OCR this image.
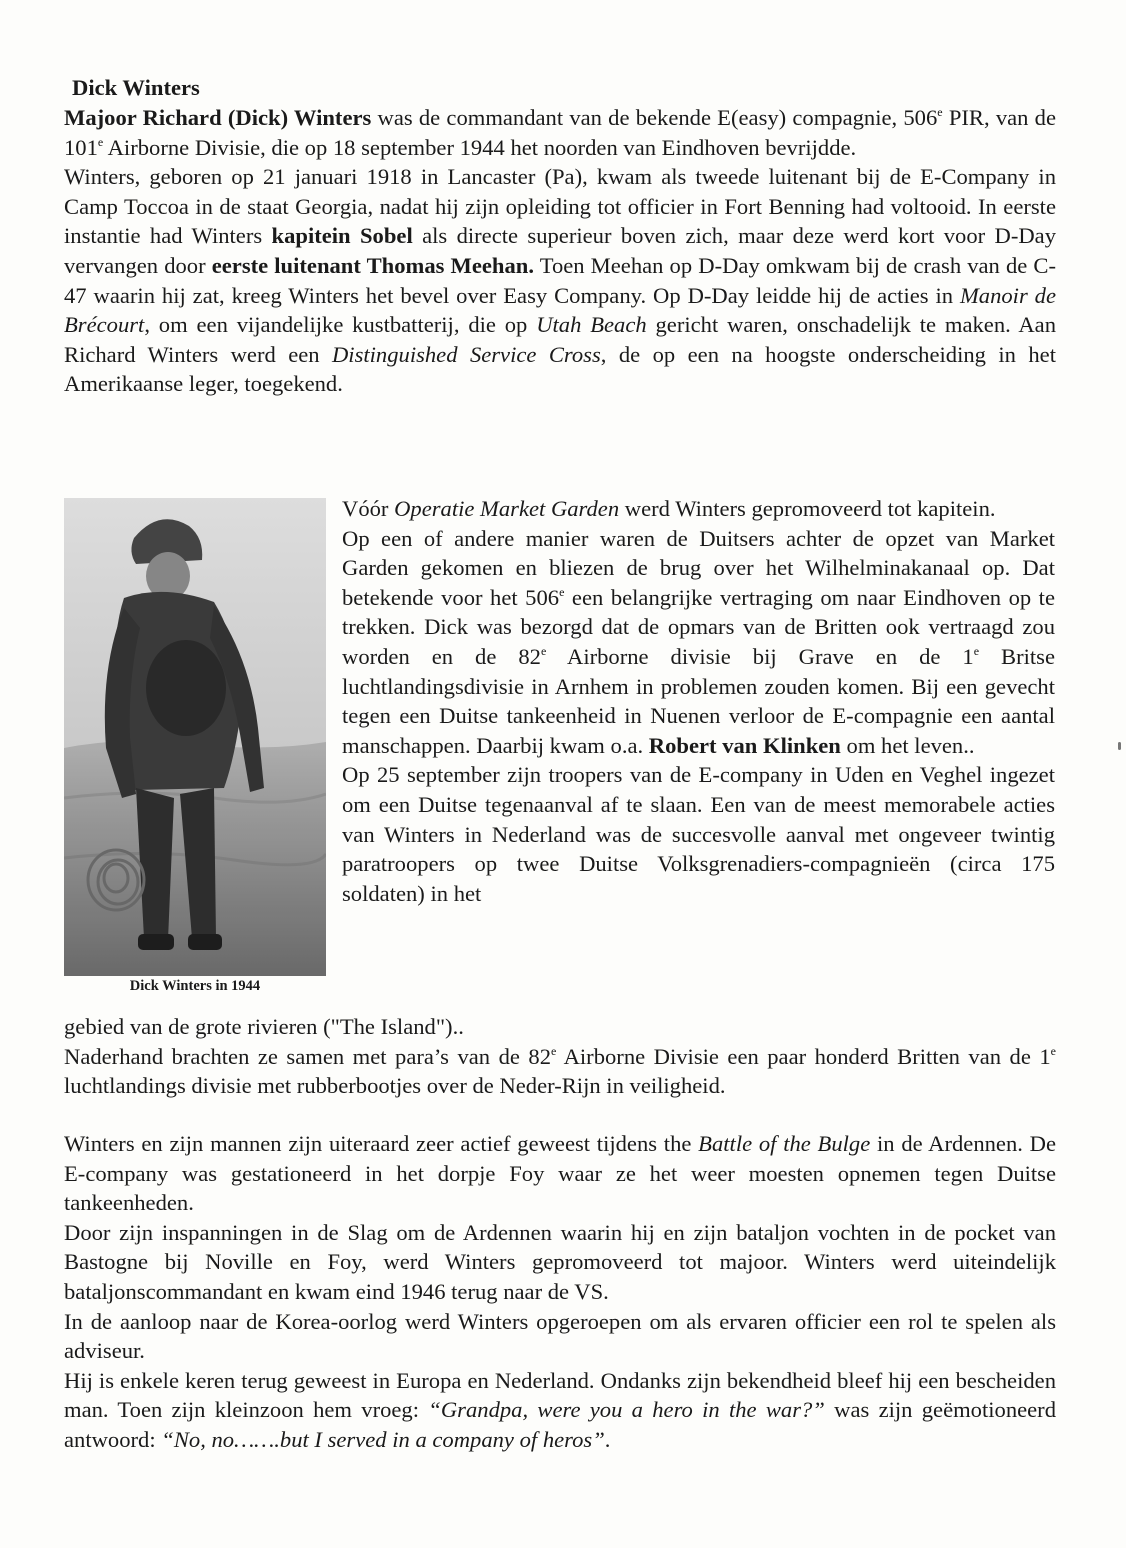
Dick Winters

Majoor Richard (Dick) Winters was de commandant van de bekende E(easy) compagnie, 506e PIR, van de 101e Airborne Divisie, die op 18 september 1944 het noorden van Eindhoven bevrijdde.

Winters, geboren op 21 januari 1918 in Lancaster (Pa), kwam als tweede luitenant bij de E-Company in Camp Toccoa in de staat Georgia, nadat hij zijn opleiding tot officier in Fort Benning had voltooid. In eerste instantie had Winters kapitein Sobel als directe superieur boven zich, maar deze werd kort voor D-Day vervangen door eerste luitenant Thomas Meehan. Toen Meehan op D-Day omkwam bij de crash van de C-47 waarin hij zat, kreeg Winters het bevel over Easy Company. Op D-Day leidde hij de acties in Manoir de Brécourt, om een vijandelijke kustbatterij, die op Utah Beach gericht waren, onschadelijk te maken. Aan Richard Winters werd een Distinguished Service Cross, de op een na hoogste onderscheiding in het Amerikaanse leger, toegekend.

Dick Winters in 1944

Vóór Operatie Market Garden werd Winters gepromoveerd tot kapitein.

Op een of andere manier waren de Duitsers achter de opzet van Market Garden gekomen en bliezen de brug over het Wilhelminakanaal op. Dat betekende voor het 506e een belangrijke vertraging om naar Eindhoven op te trekken. Dick was bezorgd dat de opmars van de Britten ook vertraagd zou worden en de 82e Airborne divisie bij Grave en de 1e Britse luchtlandingsdivisie in Arnhem in problemen zouden komen. Bij een gevecht tegen een Duitse tankeenheid in Nuenen verloor de E-compagnie een aantal manschappen. Daarbij kwam o.a. Robert van Klinken om het leven..

Op 25 september zijn troopers van de E-company in Uden en Veghel ingezet om een Duitse tegenaanval af te slaan. Een van de meest memorabele acties van Winters in Nederland was de succesvolle aanval met ongeveer twintig paratroopers op twee Duitse Volksgrenadiers-compagnieën (circa 175 soldaten) in het

gebied van de grote rivieren ("The Island")..

Naderhand brachten ze samen met para’s van de 82e Airborne Divisie een paar honderd Britten van de 1e luchtlandings divisie met rubberbootjes over de Neder-Rijn in veiligheid.

Winters en zijn mannen zijn uiteraard zeer actief geweest tijdens the Battle of the Bulge in de Ardennen. De E-company was gestationeerd in het dorpje Foy waar ze het weer moesten opnemen tegen Duitse tankeenheden.

Door zijn inspanningen in de Slag om de Ardennen waarin hij en zijn bataljon vochten in de pocket van Bastogne bij Noville en Foy, werd Winters gepromoveerd tot majoor. Winters werd uiteindelijk bataljonscommandant en kwam eind 1946 terug naar de VS.

In de aanloop naar de Korea-oorlog werd Winters opgeroepen om als ervaren officier een rol te spelen als adviseur.

Hij is enkele keren terug geweest in Europa en Nederland. Ondanks zijn bekendheid bleef hij een bescheiden man. Toen zijn kleinzoon hem vroeg: “Grandpa, were you a hero in the war?” was zijn geëmotioneerd antwoord: “No, no…….but I served in a company of heros”.
